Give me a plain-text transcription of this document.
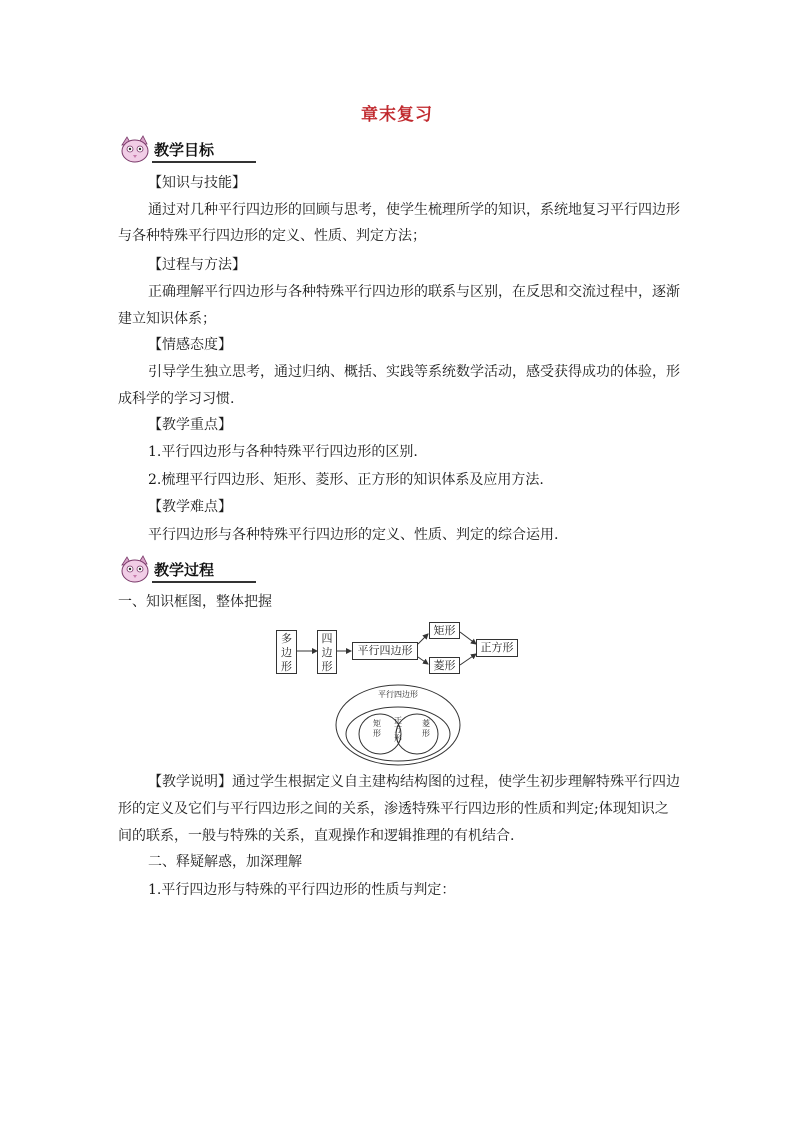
章末复习
教学目标
【知识与技能】
通过对几种平行四边形的回顾与思考，使学生梳理所学的知识，系统地复习平行四边形
与各种特殊平行四边形的定义、性质、判定方法；
【过程与方法】
正确理解平行四边形与各种特殊平行四边形的联系与区别，在反思和交流过程中，逐渐
建立知识体系；
【情感态度】
引导学生独立思考，通过归纳、概括、实践等系统数学活动，感受获得成功的体验，形
成科学的学习习惯.
【教学重点】
1.平行四边形与各种特殊平行四边形的区别.
2.梳理平行四边形、矩形、菱形、正方形的知识体系及应用方法.
【教学难点】
平行四边形与各种特殊平行四边形的定义、性质、判定的综合运用.
教学过程
一、知识框图，整体把握
多
边
形
四
边
形
平行四边形
矩形
菱形
正方形
平行四边形
矩
形
正
方
形
菱
形
【教学说明】通过学生根据定义自主建构结构图的过程，使学生初步理解特殊平行四边
形的定义及它们与平行四边形之间的关系，渗透特殊平行四边形的性质和判定;体现知识之
间的联系，一般与特殊的关系，直观操作和逻辑推理的有机结合.
二、释疑解惑，加深理解
1.平行四边形与特殊的平行四边形的性质与判定：
